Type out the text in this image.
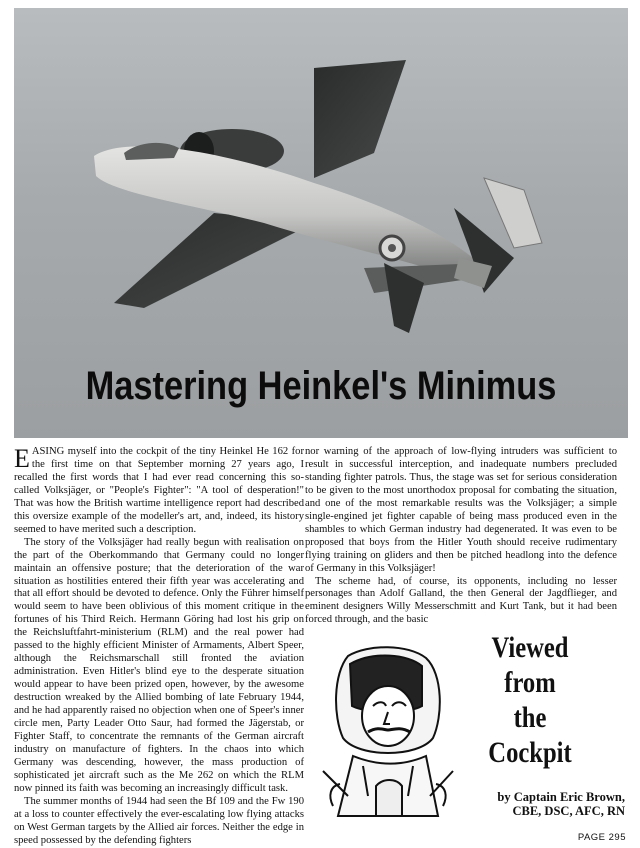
Mastering Heinkel's Minimus

EASING myself into the cockpit of the tiny Heinkel He 162 for the first time on that September morning 27 years ago, I recalled the first words that I had ever read concerning this so-called Volksjäger, or "People's Fighter": "A tool of desperation!" That was how the British wartime intelligence report had described this oversize example of the modeller's art, and, indeed, its history seemed to have merited such a description.

The story of the Volksjäger had really begun with realisation on the part of the Oberkommando that Germany could no longer maintain an offensive posture; that the deterioration of the war situation as hostilities entered their fifth year was accelerating and that all effort should be devoted to defence. Only the Führer himself would seem to have been oblivious of this moment critique in the fortunes of his Third Reich. Hermann Göring had lost his grip on the Reichsluftfahrt-ministerium (RLM) and the real power had passed to the highly efficient Minister of Armaments, Albert Speer, although the Reichsmarschall still fronted the aviation administration. Even Hitler's blind eye to the desperate situation would appear to have been prized open, however, by the awesome destruction wreaked by the Allied bombing of late February 1944, and he had apparently raised no objection when one of Speer's inner circle men, Party Leader Otto Saur, had formed the Jägerstab, or Fighter Staff, to concentrate the remnants of the German aircraft industry on manufacture of fighters. In the chaos into which Germany was descending, however, the mass production of sophisticated jet aircraft such as the Me 262 on which the RLM now pinned its faith was becoming an increasingly difficult task.

The summer months of 1944 had seen the Bf 109 and the Fw 190 at a loss to counter effectively the ever-escalating low flying attacks on West German targets by the Allied air forces. Neither the edge in speed possessed by the defending fighters

nor warning of the approach of low-flying intruders was sufficient to result in successful interception, and inadequate numbers precluded standing fighter patrols. Thus, the stage was set for serious consideration to be given to the most unorthodox proposal for combating the situation, and one of the most remarkable results was the Volksjäger; a simple single-engined jet fighter capable of being mass produced even in the shambles to which German industry had degenerated. It was even to be proposed that boys from the Hitler Youth should receive rudimentary flying training on gliders and then be pitched headlong into the defence of Germany in this Volksjäger!

The scheme had, of course, its opponents, including no lesser personages than Adolf Galland, the then General der Jagdflieger, and eminent designers Willy Messerschmitt and Kurt Tank, but it had been forced through, and the basic

Viewed
from
the
Cockpit
by Captain Eric Brown,
CBE, DSC, AFC, RN
PAGE 295
